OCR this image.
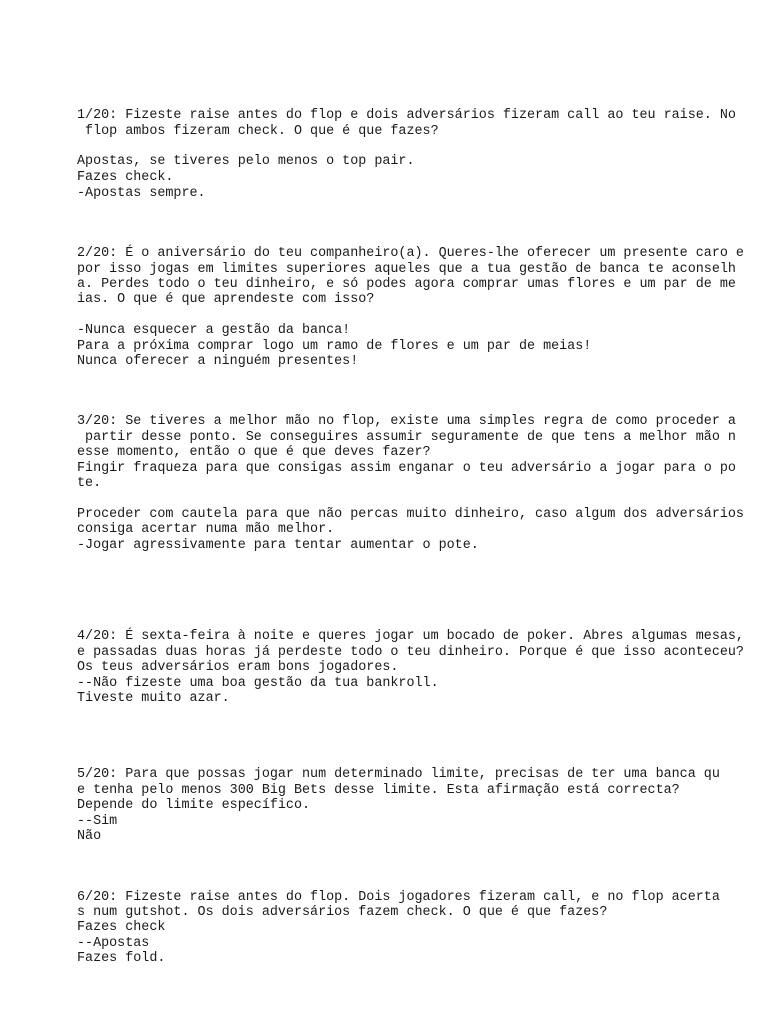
1/20: Fizeste raise antes do flop e dois adversários fizeram call ao teu raise. No

flop ambos fizeram check. O que é que fazes?

Apostas, se tiveres pelo menos o top pair.

Fazes check.

-Apostas sempre.

2/20: É o aniversário do teu companheiro(a). Queres-lhe oferecer um presente caro e

por isso jogas em limites superiores aqueles que a tua gestão de banca te aconselh

a. Perdes todo o teu dinheiro, e só podes agora comprar umas flores e um par de me

ias. O que é que aprendeste com isso?

-Nunca esquecer a gestão da banca!

Para a próxima comprar logo um ramo de flores e um par de meias!

Nunca oferecer a ninguém presentes!

3/20: Se tiveres a melhor mão no flop, existe uma simples regra de como proceder a

partir desse ponto. Se conseguires assumir seguramente de que tens a melhor mão n

esse momento, então o que é que deves fazer?

Fingir fraqueza para que consigas assim enganar o teu adversário a jogar para o po

te.

Proceder com cautela para que não percas muito dinheiro, caso algum dos adversários

consiga acertar numa mão melhor.

-Jogar agressivamente para tentar aumentar o pote.

4/20: É sexta-feira à noite e queres jogar um bocado de poker. Abres algumas mesas,

e passadas duas horas já perdeste todo o teu dinheiro. Porque é que isso aconteceu?

Os teus adversários eram bons jogadores.

--Não fizeste uma boa gestão da tua bankroll.

Tiveste muito azar.

5/20: Para que possas jogar num determinado limite, precisas de ter uma banca qu

e tenha pelo menos 300 Big Bets desse limite. Esta afirmação está correcta?

Depende do limite específico.

--Sim

Não

6/20: Fizeste raise antes do flop. Dois jogadores fizeram call, e no flop acerta

s num gutshot. Os dois adversários fazem check. O que é que fazes?

Fazes check

--Apostas

Fazes fold.
